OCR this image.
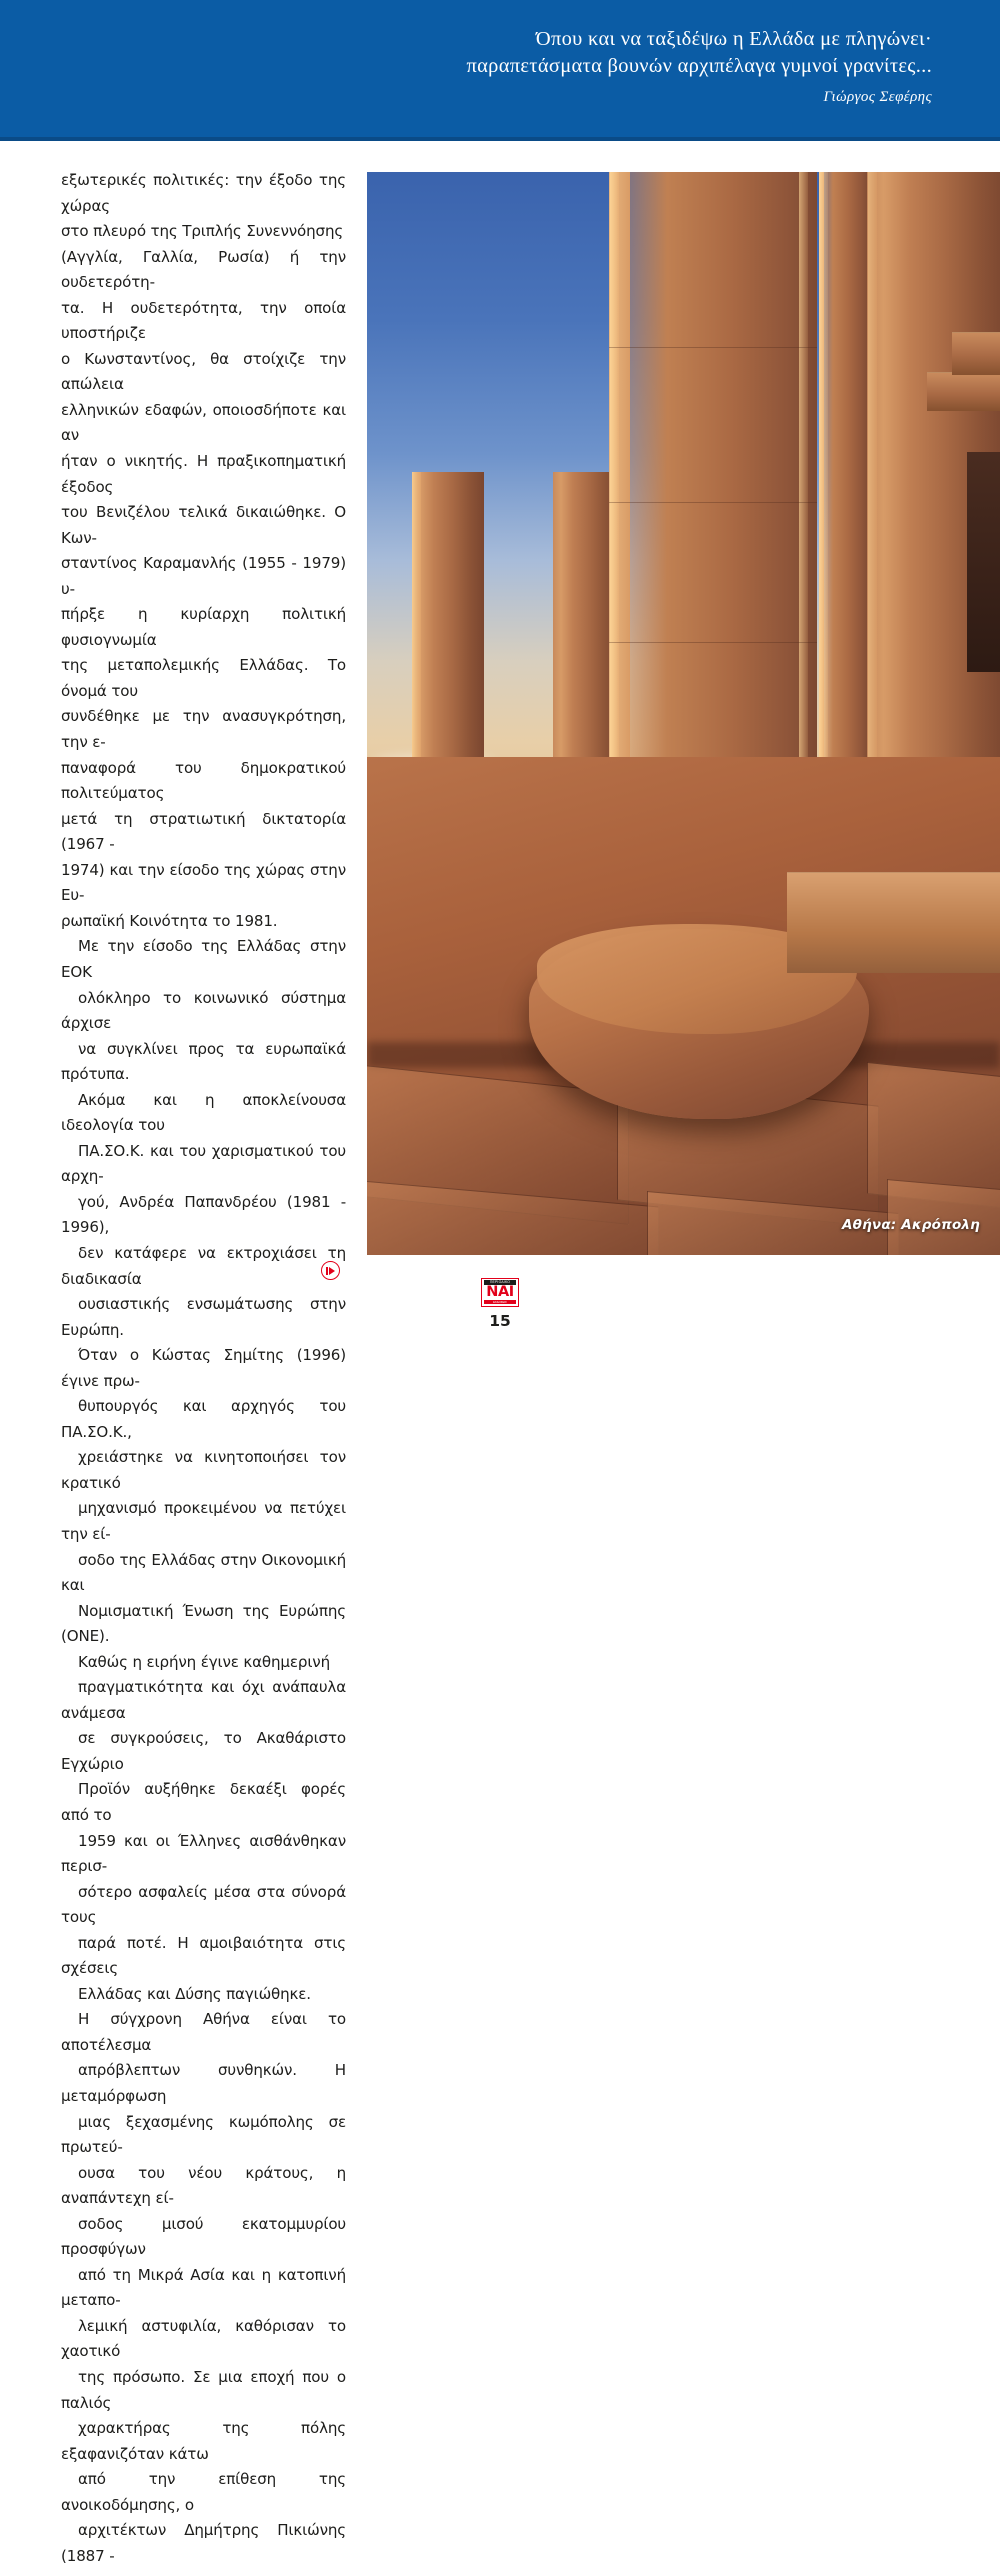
Όπου και να ταξιδέψω η Ελλάδα με πληγώνει·
παραπετάσματα βουνών αρχιπέλαγα γυμνοί γρανίτες...
Γιώργος Σεφέρης

εξωτερικές πολιτικές: την έξοδο της χώρας
στο πλευρό της Τριπλής Συνεννόησης
(Αγγλία, Γαλλία, Ρωσία) ή την ουδετερότη-
τα. Η ουδετερότητα, την οποία υποστήριζε
ο Κωνσταντίνος, θα στοίχιζε την απώλεια
ελληνικών εδαφών, οποιοσδήποτε και αν
ήταν ο νικητής. Η πραξικοπηματική έξοδος
του Βενιζέλου τελικά δικαιώθηκε. Ο Κων-
σταντίνος Καραμανλής (1955 - 1979) υ-
πήρξε η κυρίαρχη πολιτική φυσιογνωμία
της μεταπολεμικής Ελλάδας. Το όνομά του
συνδέθηκε με την ανασυγκρότηση, την ε-
παναφορά του δημοκρατικού πολιτεύματος
μετά τη στρατιωτική δικτατορία (1967 -
1974) και την είσοδο της χώρας στην Ευ-
ρωπαϊκή Κοινότητα το 1981.

Με την είσοδο της Ελλάδας στην ΕΟΚ
ολόκληρο το κοινωνικό σύστημα άρχισε
να συγκλίνει προς τα ευρωπαϊκά πρότυπα.
Ακόμα και η αποκλείνουσα ιδεολογία του
ΠΑ.ΣΟ.Κ. και του χαρισματικού του αρχη-
γού, Ανδρέα Παπανδρέου (1981 - 1996),
δεν κατάφερε να εκτροχιάσει τη διαδικασία
ουσιαστικής ενσωμάτωσης στην Ευρώπη.
Όταν ο Κώστας Σημίτης (1996) έγινε πρω-
θυπουργός και αρχηγός του ΠΑ.ΣΟ.Κ.,
χρειάστηκε να κινητοποιήσει τον κρατικό
μηχανισμό προκειμένου να πετύχει την εί-
σοδο της Ελλάδας στην Οικονομική και
Νομισματική Ένωση της Ευρώπης (ΟΝΕ).

Καθώς η ειρήνη έγινε καθημερινή
πραγματικότητα και όχι ανάπαυλα ανάμεσα
σε συγκρούσεις, το Ακαθάριστο Εγχώριο
Προϊόν αυξήθηκε δεκαέξι φορές από το
1959 και οι Έλληνες αισθάνθηκαν περισ-
σότερο ασφαλείς μέσα στα σύνορά τους
παρά ποτέ. Η αμοιβαιότητα στις σχέσεις
Ελλάδας και Δύσης παγιώθηκε.

Η σύγχρονη Αθήνα είναι το αποτέλεσμα
απρόβλεπτων συνθηκών. Η μεταμόρφωση
μιας ξεχασμένης κωμόπολης σε πρωτεύ-
ουσα του νέου κράτους, η αναπάντεχη εί-
σοδος μισού εκατομμυρίου προσφύγων
από τη Μικρά Ασία και η κατοπινή μεταπο-
λεμική αστυφιλία, καθόρισαν το χαοτικό
της πρόσωπο. Σε μια εποχή που ο παλιός
χαρακτήρας της πόλης εξαφανιζόταν κάτω
από την επίθεση της ανοικοδόμησης, ο
αρχιτέκτων Δημήτρης Πικιώνης (1887 -

Αθήνα: Ακρόπολη
ΠΕΡΙΟΔΙΚΟ
ΝΑΙ
ΕΚΔΟΣΕΙΣ
15
